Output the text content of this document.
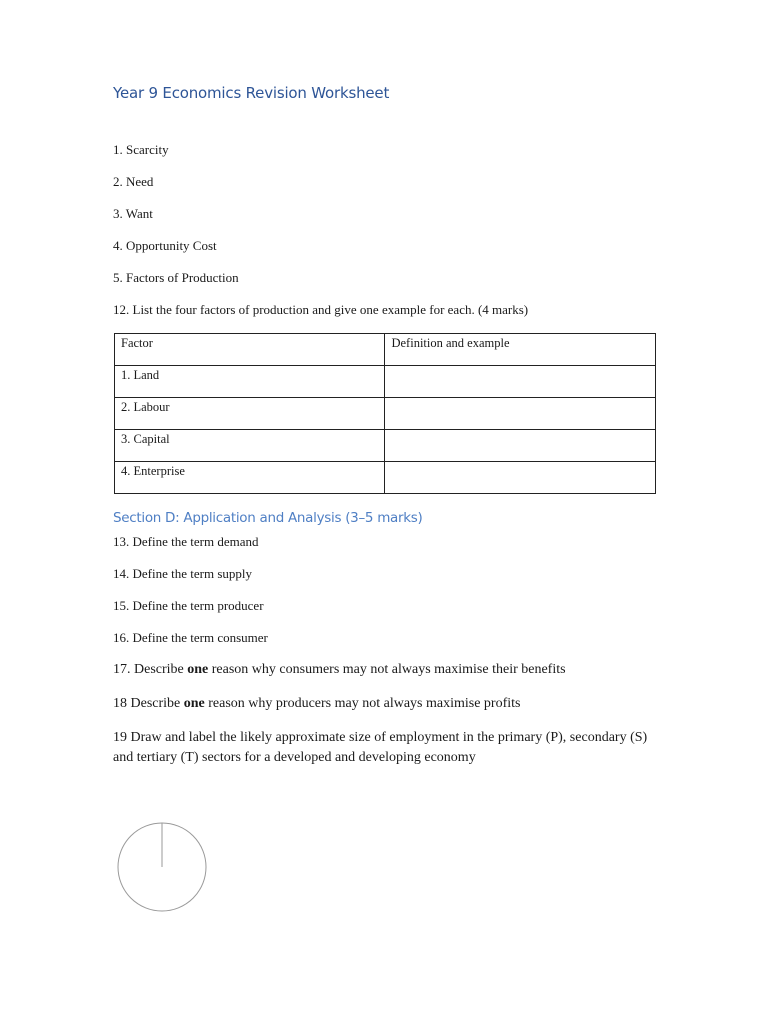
Year 9 Economics Revision Worksheet
1. Scarcity
2. Need
3. Want
4. Opportunity Cost
5. Factors of Production
12. List the four factors of production and give one example for each. (4 marks)
Factor	Definition and example
1. Land	
2. Labour	
3. Capital	
4. Enterprise	
Section D: Application and Analysis (3–5 marks)
13. Define the term demand
14. Define the term supply
15. Define the term producer
16. Define the term consumer
17. Describe one reason why consumers may not always maximise their benefits
18 Describe one reason why producers may not always maximise profits
19 Draw and label the likely approximate size of employment in the primary (P), secondary (S) and tertiary (T) sectors for a developed and developing economy
